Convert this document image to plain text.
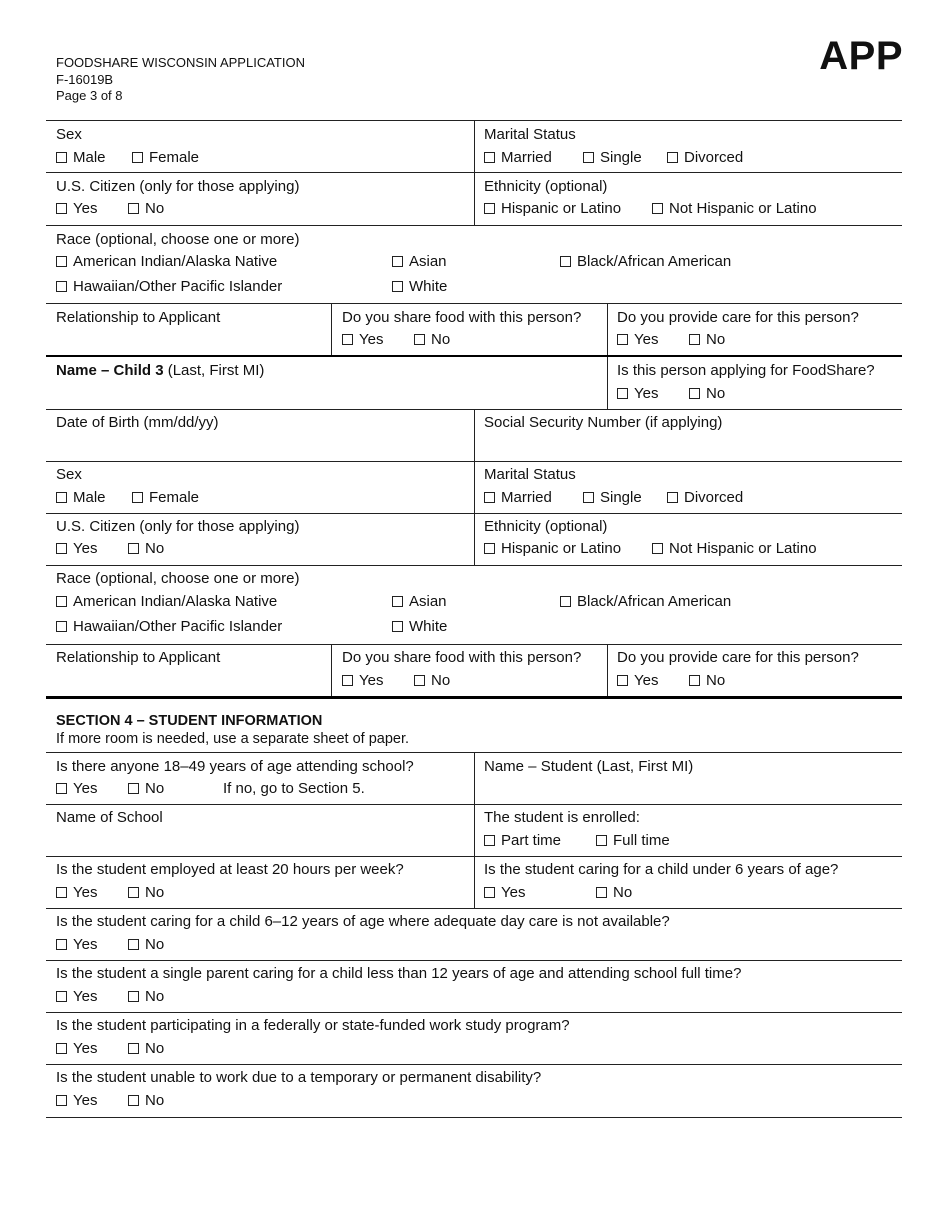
FOODSHARE WISCONSIN APPLICATION
F-16019B
Page 3 of 8
APP
Sex
Male	Female
Marital Status
Married	Single	Divorced
U.S. Citizen (only for those applying)
Yes	No
Ethnicity (optional)
Hispanic or Latino	Not Hispanic or Latino
Race (optional, choose one or more)
American Indian/Alaska Native	Asian	Black/African American
Hawaiian/Other Pacific Islander	White
Relationship to Applicant	Do you share food with this person?
Yes	No
Do you provide care for this person?
Yes	No
Name – Child 3 (Last, First MI)	Is this person applying for FoodShare?
Yes	No
Date of Birth (mm/dd/yy)	Social Security Number (if applying)
Sex
Male	Female
Marital Status
Married	Single	Divorced
U.S. Citizen (only for those applying)
Yes	No
Ethnicity (optional)
Hispanic or Latino	Not Hispanic or Latino
Race (optional, choose one or more)
American Indian/Alaska Native	Asian	Black/African American
Hawaiian/Other Pacific Islander	White
Relationship to Applicant	Do you share food with this person?
Yes	No
Do you provide care for this person?
Yes	No
SECTION 4 – STUDENT INFORMATION
If more room is needed, use a separate sheet of paper.
Is there anyone 18–49 years of age attending school?
Yes	No	If no, go to Section 5.
Name – Student (Last, First MI)
Name of School	The student is enrolled:
Part time	Full time
Is the student employed at least 20 hours per week?
Yes	No
Is the student caring for a child under 6 years of age?
Yes	No
Is the student caring for a child 6–12 years of age where adequate day care is not available?
Yes	No
Is the student a single parent caring for a child less than 12 years of age and attending school full time?
Yes	No
Is the student participating in a federally or state-funded work study program?
Yes	No
Is the student unable to work due to a temporary or permanent disability?
Yes	No
